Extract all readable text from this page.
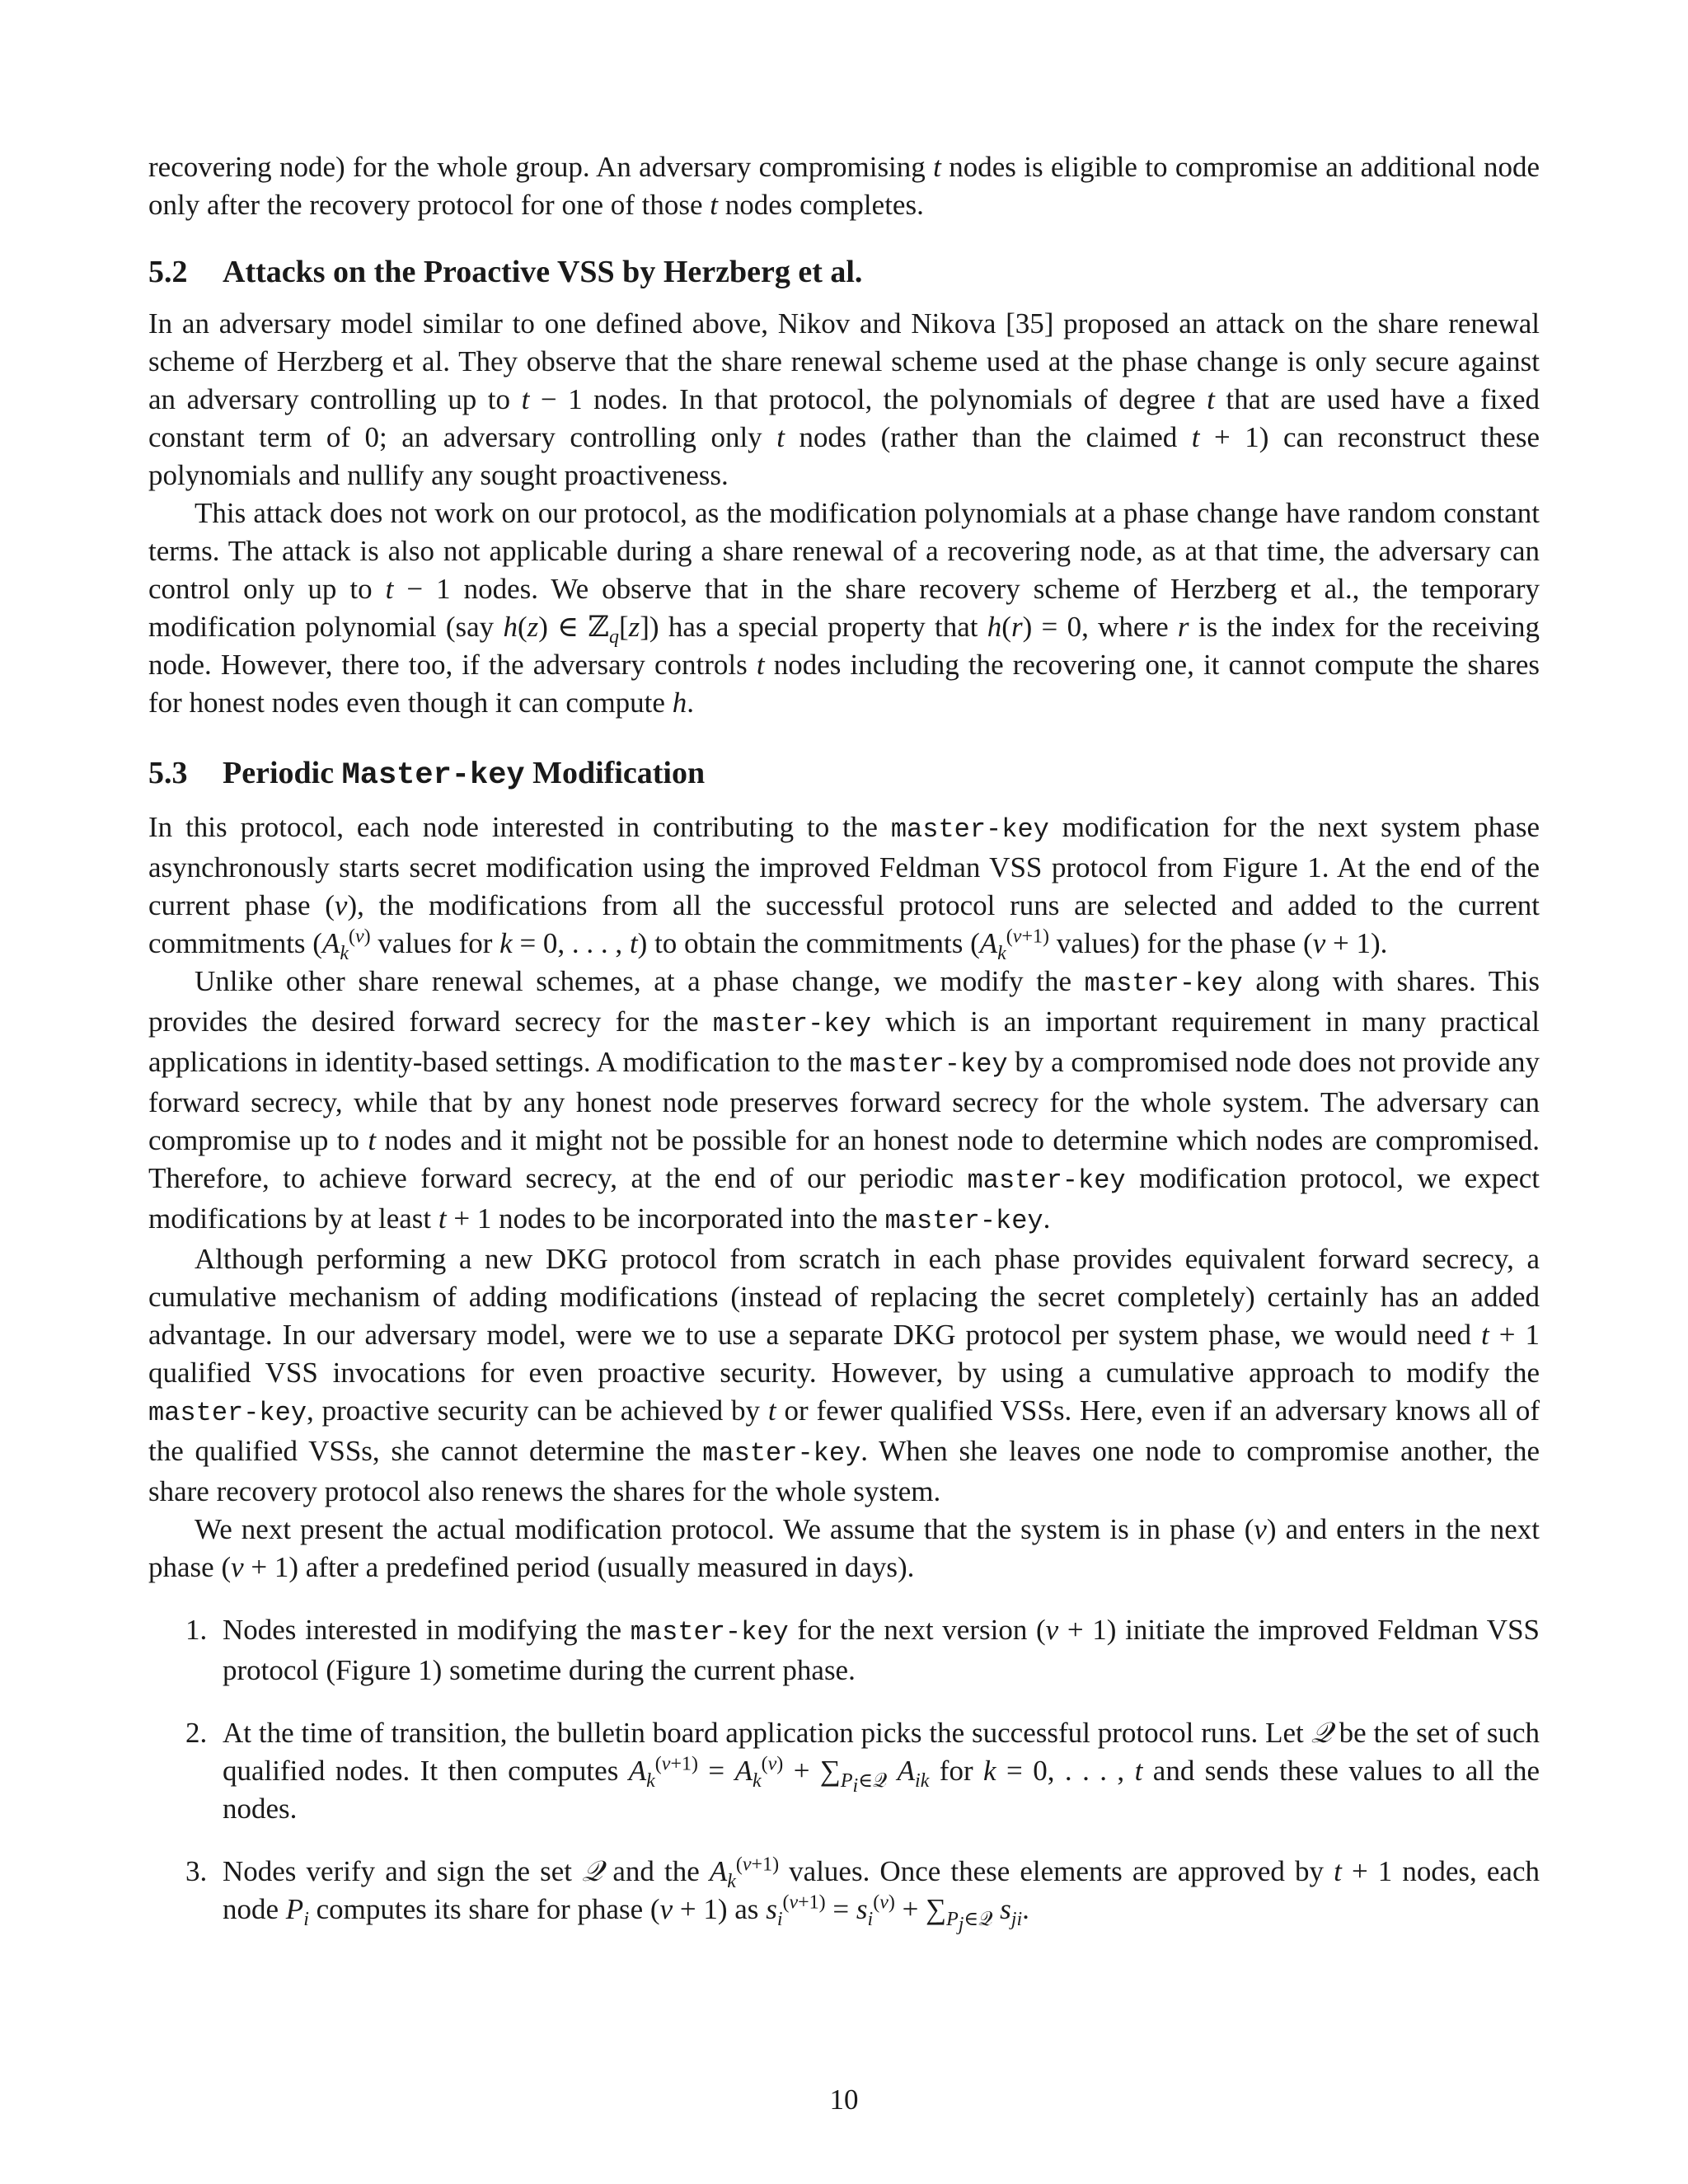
recovering node) for the whole group. An adversary compromising t nodes is eligible to compromise an additional node only after the recovery protocol for one of those t nodes completes.

5.2 Attacks on the Proactive VSS by Herzberg et al.

In an adversary model similar to one defined above, Nikov and Nikova [35] proposed an attack on the share renewal scheme of Herzberg et al. They observe that the share renewal scheme used at the phase change is only secure against an adversary controlling up to t − 1 nodes. In that protocol, the polynomials of degree t that are used have a fixed constant term of 0; an adversary controlling only t nodes (rather than the claimed t + 1) can reconstruct these polynomials and nullify any sought proactiveness.

This attack does not work on our protocol, as the modification polynomials at a phase change have random constant terms. The attack is also not applicable during a share renewal of a recovering node, as at that time, the adversary can control only up to t − 1 nodes. We observe that in the share recovery scheme of Herzberg et al., the temporary modification polynomial (say h(z) ∈ ℤ$_q$[z]) has a special property that h(r) = 0, where r is the index for the receiving node. However, there too, if the adversary controls t nodes including the recovering one, it cannot compute the shares for honest nodes even though it can compute h.

5.3 Periodic Master-key Modification

In this protocol, each node interested in contributing to the master-key modification for the next system phase asynchronously starts secret modification using the improved Feldman VSS protocol from Figure 1. At the end of the current phase (v), the modifications from all the successful protocol runs are selected and added to the current commitments ($A_k^{(v)}$ values for k = 0, . . . , t) to obtain the commitments ($A_k^{(v+1)}$ values) for the phase (v + 1).

Unlike other share renewal schemes, at a phase change, we modify the master-key along with shares. This provides the desired forward secrecy for the master-key which is an important requirement in many practical applications in identity-based settings. A modification to the master-key by a compromised node does not provide any forward secrecy, while that by any honest node preserves forward secrecy for the whole system. The adversary can compromise up to t nodes and it might not be possible for an honest node to determine which nodes are compromised. Therefore, to achieve forward secrecy, at the end of our periodic master-key modification protocol, we expect modifications by at least t + 1 nodes to be incorporated into the master-key.

Although performing a new DKG protocol from scratch in each phase provides equivalent forward secrecy, a cumulative mechanism of adding modifications (instead of replacing the secret completely) certainly has an added advantage. In our adversary model, were we to use a separate DKG protocol per system phase, we would need t + 1 qualified VSS invocations for even proactive security. However, by using a cumulative approach to modify the master-key, proactive security can be achieved by t or fewer qualified VSSs. Here, even if an adversary knows all of the qualified VSSs, she cannot determine the master-key. When she leaves one node to compromise another, the share recovery protocol also renews the shares for the whole system.

We next present the actual modification protocol. We assume that the system is in phase (v) and enters in the next phase (v + 1) after a predefined period (usually measured in days).

1. Nodes interested in modifying the master-key for the next version (v + 1) initiate the improved Feldman VSS protocol (Figure 1) sometime during the current phase.
2. At the time of transition, the bulletin board application picks the successful protocol runs. Let 𝒬 be the set of such qualified nodes. It then computes $A_k^{(v+1)} = A_k^{(v)} + \sum_{P_i\in 𝒬}$ $A_{ik}$ for k = 0, . . . , t and sends these values to all the nodes.
3. Nodes verify and sign the set 𝒬 and the $A_k^{(v+1)}$ values. Once these elements are approved by t + 1 nodes, each node $P_i$ computes its share for phase (v + 1) as $s_i^{(v+1)} = s_i^{(v)} + \sum_{P_j\in 𝒬}$ $s_{ji}$.
10
